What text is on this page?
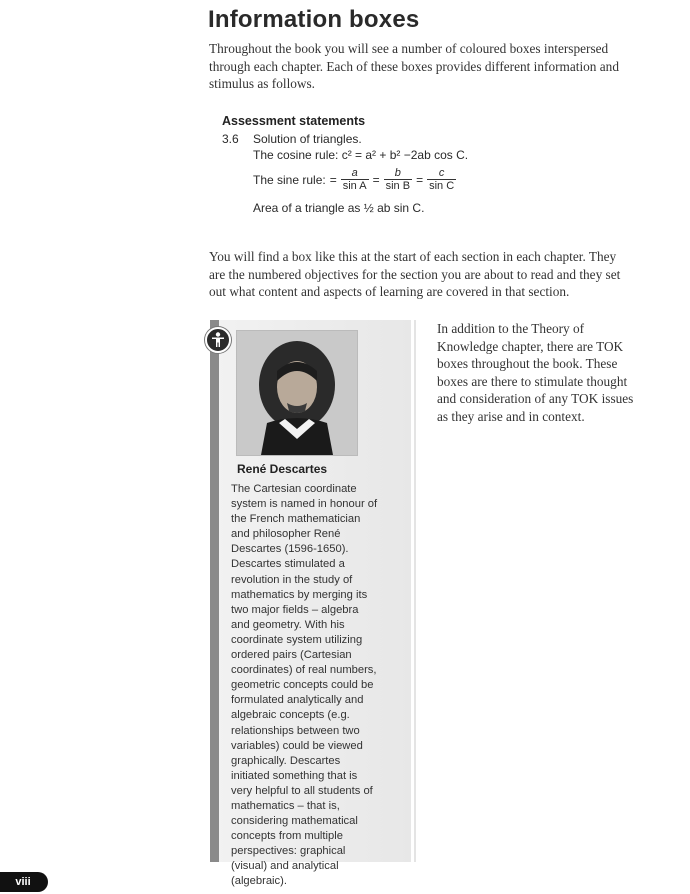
Information boxes
Throughout the book you will see a number of coloured boxes interspersed through each chapter. Each of these boxes provides different information and stimulus as follows.
Assessment statements
3.6 Solution of triangles.
The cosine rule: c² = a² + b² −2ab cos C.
The sine rule: = $\frac{a}{\text{sin A}} = \frac{b}{\text{sin B}} = \frac{c}{\text{sin C}}$
Area of a triangle as ½ ab sin C.
You will find a box like this at the start of each section in each chapter. They are the numbered objectives for the section you are about to read and they set out what content and aspects of learning are covered in that section.
René Descartes
The Cartesian coordinate system is named in honour of the French mathematician and philosopher René Descartes (1596-1650). Descartes stimulated a revolution in the study of mathematics by merging its two major fields – algebra and geometry. With his coordinate system utilizing ordered pairs (Cartesian coordinates) of real numbers, geometric concepts could be formulated analytically and algebraic concepts (e.g. relationships between two variables) could be viewed graphically. Descartes initiated something that is very helpful to all students of mathematics – that is, considering mathematical concepts from multiple perspectives: graphical (visual) and analytical (algebraic).
In addition to the Theory of Knowledge chapter, there are TOK boxes throughout the book. These boxes are there to stimulate thought and consideration of any TOK issues as they arise and in context.
viii
